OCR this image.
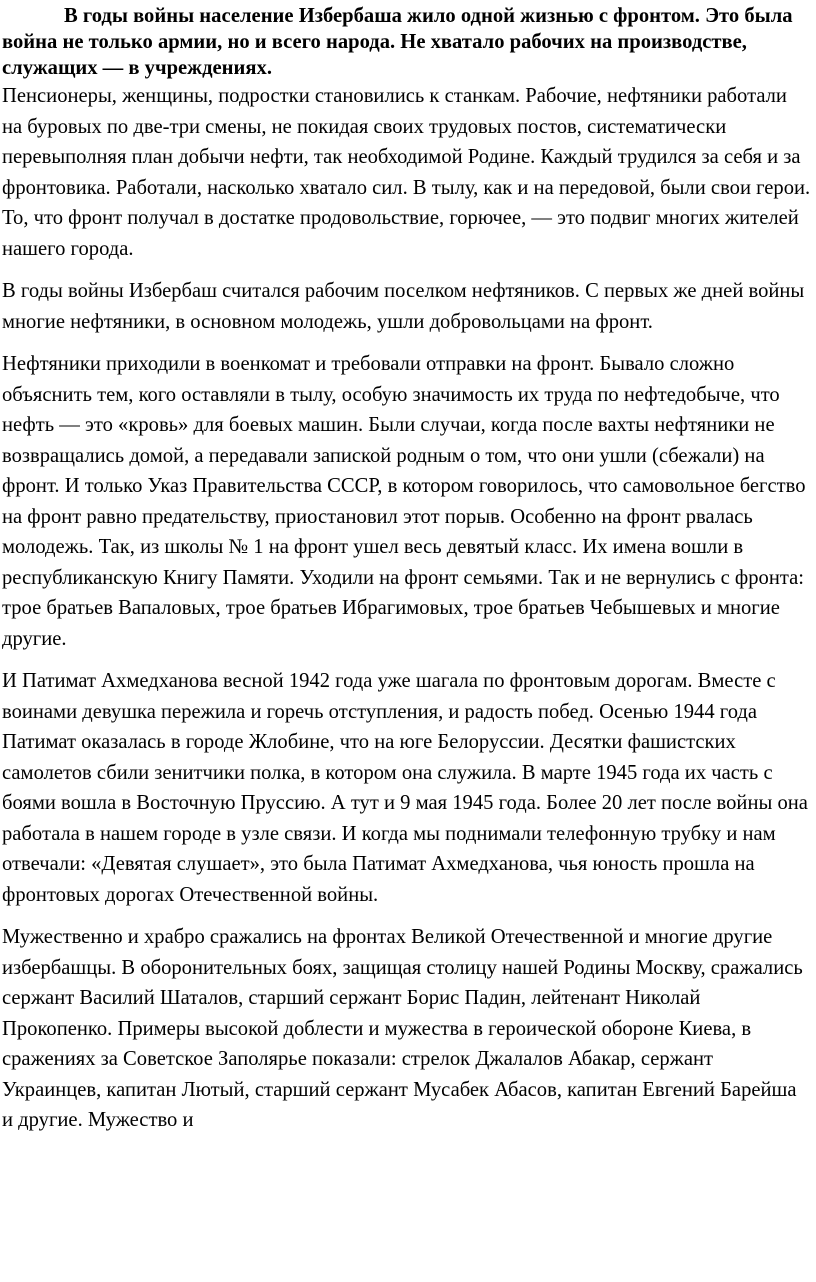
В годы войны население Избербаша жило одной жизнью с фронтом. Это была война не только армии, но и всего народа. Не хватало рабочих на производстве, служащих — в учреждениях.

Пенсионеры, женщины, подростки становились к станкам. Рабочие, нефтяники работали на буровых по две-три смены, не покидая своих трудовых постов, систематически перевыполняя план добычи нефти, так необходимой Родине. Каждый трудился за себя и за фронтовика. Работали, насколько хватало сил. В тылу, как и на передовой, были свои герои. То, что фронт получал в достатке продовольствие, горючее, — это подвиг многих жителей нашего города.

В годы войны Избербаш считался рабочим поселком нефтяников. С первых же дней войны многие нефтяники, в основном молодежь, ушли добровольцами на фронт.

Нефтяники приходили в военкомат и требовали отправки на фронт. Бывало сложно объяснить тем, кого оставляли в тылу, особую значимость их труда по нефтедобыче, что нефть — это «кровь» для боевых машин. Были случаи, когда после вахты нефтяники не возвращались домой, а передавали запиской родным о том, что они ушли (сбежали) на фронт. И только Указ Правительства СССР, в котором говорилось, что самовольное бегство на фронт равно предательству, приостановил этот порыв. Особенно на фронт рвалась молодежь. Так, из школы № 1 на фронт ушел весь девятый класс. Их имена вошли в республиканскую Книгу Памяти. Уходили на фронт семьями. Так и не вернулись с фронта: трое братьев Вапаловых, трое братьев Ибрагимовых, трое братьев Чебышевых и многие другие.

И Патимат Ахмедханова весной 1942 года уже шагала по фронтовым дорогам. Вместе с воинами девушка пережила и горечь отступления, и радость побед. Осенью 1944 года Патимат оказалась в городе Жлобине, что на юге Белоруссии. Десятки фашистских самолетов сбили зенитчики полка, в котором она служила. В марте 1945 года их часть с боями вошла в Восточную Пруссию. А тут и 9 мая 1945 года. Более 20 лет после войны она работала в нашем городе в узле связи. И когда мы поднимали телефонную трубку и нам отвечали: «Девятая слушает», это была Патимат Ахмедханова, чья юность прошла на фронтовых дорогах Отечественной войны.

Мужественно и храбро сражались на фронтах Великой Отечественной и многие другие избербашцы. В оборонительных боях, защищая столицу нашей Родины Москву, сражались сержант Василий Шаталов, старший сержант Борис Падин, лейтенант Николай Прокопенко. Примеры высокой доблести и мужества в героической обороне Киева, в сражениях за Советское Заполярье показали: стрелок Джалалов Абакар, сержант Украинцев, капитан Лютый, старший сержант Мусабек Абасов, капитан Евгений Барейша и другие. Мужество и
